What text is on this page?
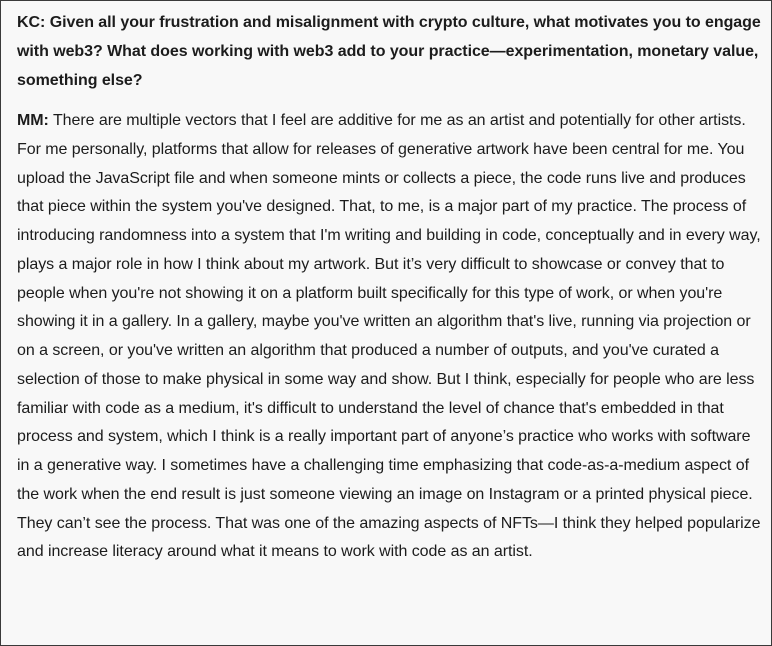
KC: Given all your frustration and misalignment with crypto culture, what motivates you to engage with web3? What does working with web3 add to your practice—experimentation, monetary value, something else?

MM: There are multiple vectors that I feel are additive for me as an artist and potentially for other artists. For me personally, platforms that allow for releases of generative artwork have been central for me. You upload the JavaScript file and when someone mints or collects a piece, the code runs live and produces that piece within the system you've designed. That, to me, is a major part of my practice. The process of introducing randomness into a system that I'm writing and building in code, conceptually and in every way, plays a major role in how I think about my artwork. But it’s very difficult to showcase or convey that to people when you're not showing it on a platform built specifically for this type of work, or when you're showing it in a gallery. In a gallery, maybe you've written an algorithm that's live, running via projection or on a screen, or you've written an algorithm that produced a number of outputs, and you've curated a selection of those to make physical in some way and show. But I think, especially for people who are less familiar with code as a medium, it's difficult to understand the level of chance that's embedded in that process and system, which I think is a really important part of anyone’s practice who works with software in a generative way. I sometimes have a challenging time emphasizing that code-as-a-medium aspect of the work when the end result is just someone viewing an image on Instagram or a printed physical piece. They can’t see the process. That was one of the amazing aspects of NFTs—I think they helped popularize and increase literacy around what it means to work with code as an artist.
